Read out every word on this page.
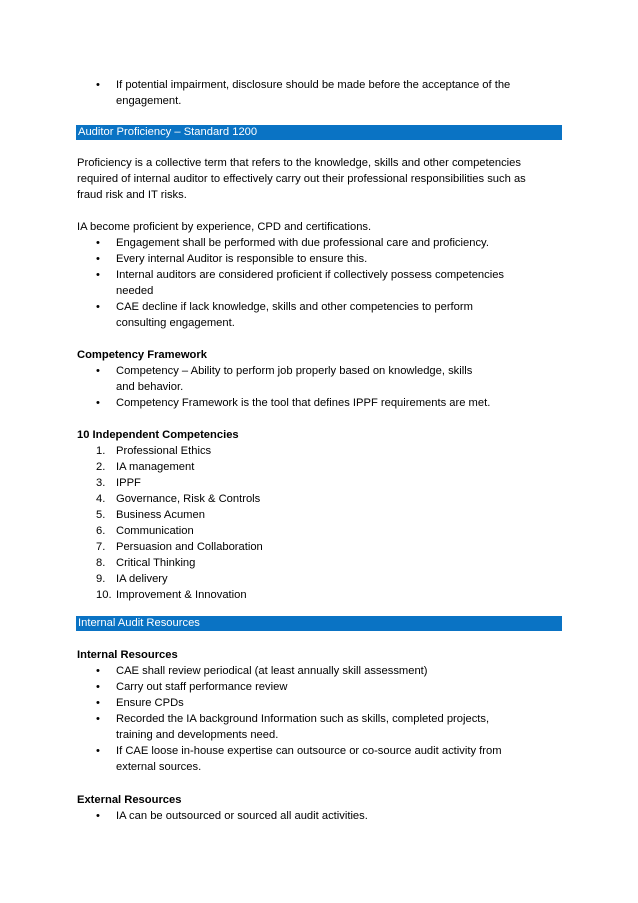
• If potential impairment, disclosure should be made before the acceptance of the
engagement.
Auditor Proficiency – Standard 1200
Proficiency is a collective term that refers to the knowledge, skills and other competencies
required of internal auditor to effectively carry out their professional responsibilities such as
fraud risk and IT risks.
IA become proficient by experience, CPD and certifications.
• Engagement shall be performed with due professional care and proficiency.
• Every internal Auditor is responsible to ensure this.
• Internal auditors are considered proficient if collectively possess competencies
needed
• CAE decline if lack knowledge, skills and other competencies to perform
consulting engagement.
Competency Framework
• Competency – Ability to perform job properly based on knowledge, skills
and behavior.
• Competency Framework is the tool that defines IPPF requirements are met.
10 Independent Competencies
1. Professional Ethics
2. IA management
3. IPPF
4. Governance, Risk & Controls
5. Business Acumen
6. Communication
7. Persuasion and Collaboration
8. Critical Thinking
9. IA delivery
10. Improvement & Innovation
Internal Audit Resources
Internal Resources
• CAE shall review periodical (at least annually skill assessment)
• Carry out staff performance review
• Ensure CPDs
• Recorded the IA background Information such as skills, completed projects,
training and developments need.
• If CAE loose in-house expertise can outsource or co-source audit activity from
external sources.
External Resources
• IA can be outsourced or sourced all audit activities.
